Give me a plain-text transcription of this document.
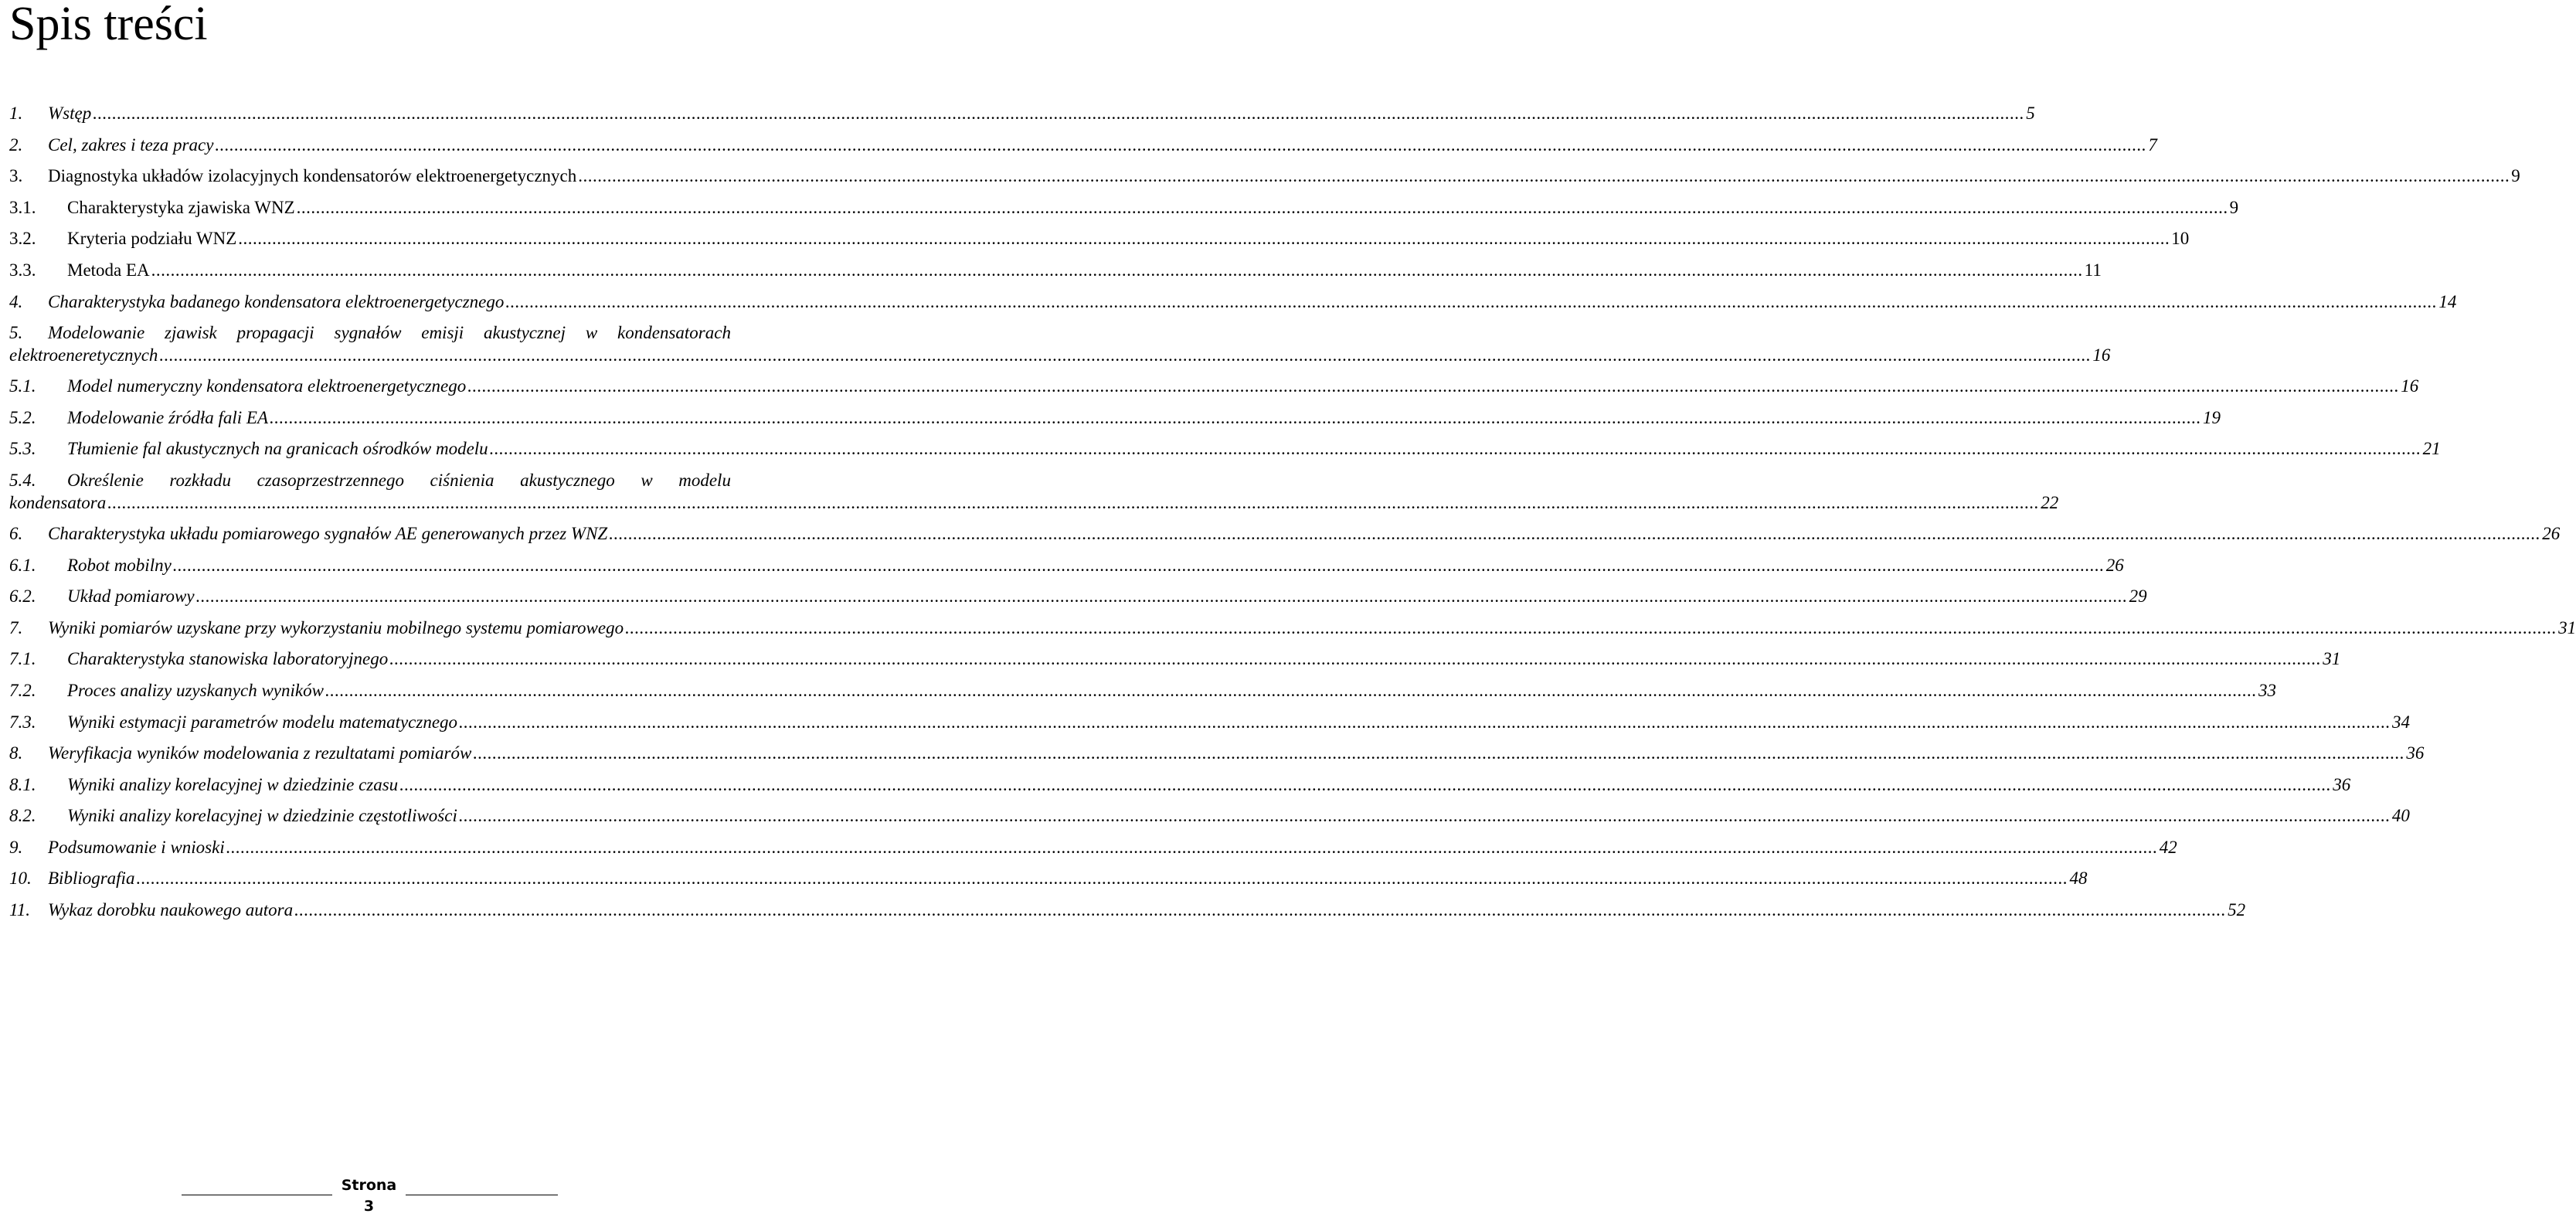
Spis treści
1.	Wstęp ................................................................................................................................................................................................................................................................................................................................................................................................................ 5
2.	Cel, zakres i teza pracy ................................................................................................................................................................................................................................................................................................................................................................................................................ 7
3.	Diagnostyka układów izolacyjnych kondensatorów elektroenergetycznych ................................................................................................................................................................................................................................................................................................................................................................................................................ 9
3.1.	Charakterystyka zjawiska WNZ ................................................................................................................................................................................................................................................................................................................................................................................................................ 9
3.2.	Kryteria podziału WNZ ................................................................................................................................................................................................................................................................................................................................................................................................................ 10
3.3.	Metoda EA ................................................................................................................................................................................................................................................................................................................................................................................................................ 11
4.	Charakterystyka badanego kondensatora elektroenergetycznego ................................................................................................................................................................................................................................................................................................................................................................................................................ 14
5.	Modelowanie zjawisk propagacji sygnałów emisji akustycznej w kondensatorach
elektroeneretycznych ................................................................................................................................................................................................................................................................................................................................................................................................................ 16
5.1.	Model numeryczny kondensatora elektroenergetycznego ................................................................................................................................................................................................................................................................................................................................................................................................................ 16
5.2.	Modelowanie źródła fali EA ................................................................................................................................................................................................................................................................................................................................................................................................................ 19
5.3.	Tłumienie fal akustycznych na granicach ośrodków modelu ................................................................................................................................................................................................................................................................................................................................................................................................................ 21
5.4.	Określenie rozkładu czasoprzestrzennego ciśnienia akustycznego w modelu
kondensatora ................................................................................................................................................................................................................................................................................................................................................................................................................ 22
6.	Charakterystyka układu pomiarowego sygnałów AE generowanych przez WNZ ................................................................................................................................................................................................................................................................................................................................................................................................................ 26
6.1.	Robot mobilny ................................................................................................................................................................................................................................................................................................................................................................................................................ 26
6.2.	Układ pomiarowy ................................................................................................................................................................................................................................................................................................................................................................................................................ 29
7.	Wyniki pomiarów uzyskane przy wykorzystaniu mobilnego systemu pomiarowego ................................................................................................................................................................................................................................................................................................................................................................................................................ 31
7.1.	Charakterystyka stanowiska laboratoryjnego ................................................................................................................................................................................................................................................................................................................................................................................................................ 31
7.2.	Proces analizy uzyskanych wyników ................................................................................................................................................................................................................................................................................................................................................................................................................ 33
7.3.	Wyniki estymacji parametrów modelu matematycznego ................................................................................................................................................................................................................................................................................................................................................................................................................ 34
8.	Weryfikacja wyników modelowania z rezultatami pomiarów ................................................................................................................................................................................................................................................................................................................................................................................................................ 36
8.1.	Wyniki analizy korelacyjnej w dziedzinie czasu ................................................................................................................................................................................................................................................................................................................................................................................................................ 36
8.2.	Wyniki analizy korelacyjnej w dziedzinie częstotliwości ................................................................................................................................................................................................................................................................................................................................................................................................................ 40
9.	Podsumowanie i wnioski ................................................................................................................................................................................................................................................................................................................................................................................................................ 42
10. Bibliografia ................................................................................................................................................................................................................................................................................................................................................................................................................ 48
11. Wykaz dorobku naukowego autora ................................................................................................................................................................................................................................................................................................................................................................................................................ 52
Strona
3
